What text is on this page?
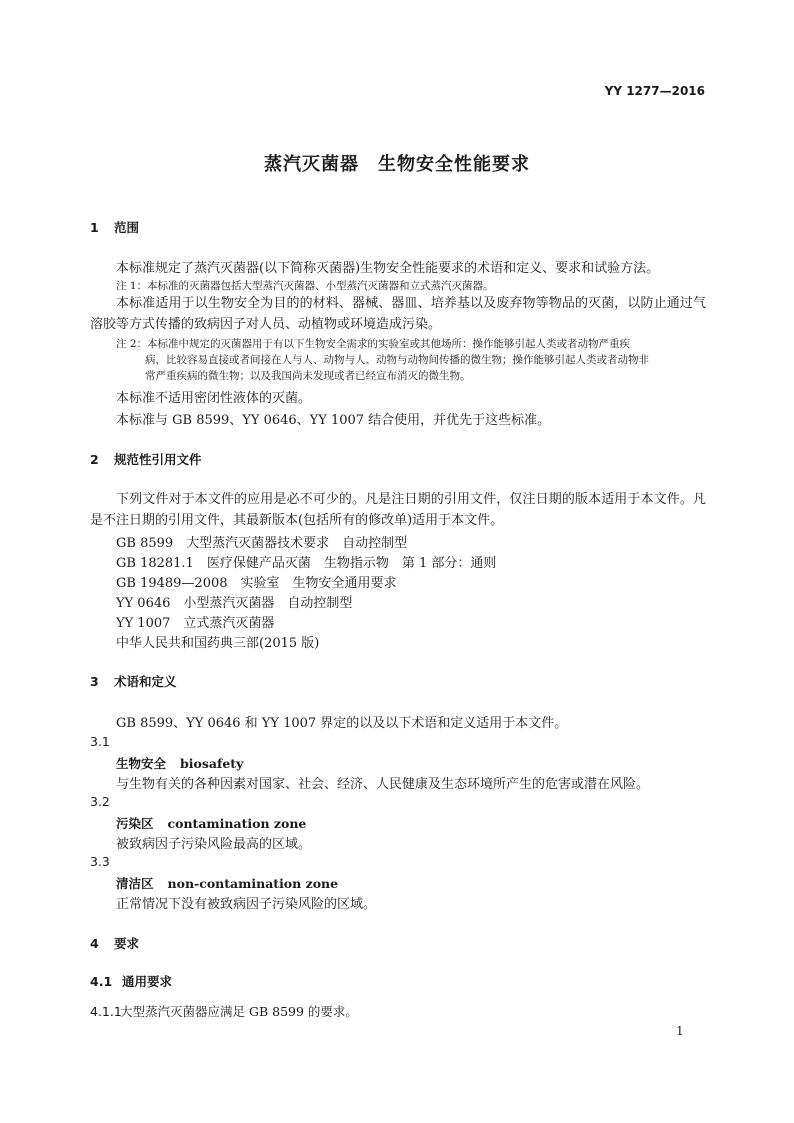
YY 1277—2016
蒸汽灭菌器　生物安全性能要求
1 范围
本标准规定了蒸汽灭菌器(以下简称灭菌器)生物安全性能要求的术语和定义、要求和试验方法。
注 1：本标准的灭菌器包括大型蒸汽灭菌器、小型蒸汽灭菌器和立式蒸汽灭菌器。
本标准适用于以生物安全为目的的材料、器械、器皿、培养基以及废弃物等物品的灭菌，以防止通过气溶胶等方式传播的致病因子对人员、动植物或环境造成污染。
注 2：本标准中规定的灭菌器用于有以下生物安全需求的实验室或其他场所：操作能够引起人类或者动物严重疾
病，比较容易直接或者间接在人与人、动物与人、动物与动物间传播的微生物；操作能够引起人类或者动物非
常严重疾病的微生物；以及我国尚未发现或者已经宣布消灭的微生物。
本标准不适用密闭性液体的灭菌。
本标准与 GB 8599、YY 0646、YY 1007 结合使用，并优先于这些标准。
2 规范性引用文件
下列文件对于本文件的应用是必不可少的。凡是注日期的引用文件，仅注日期的版本适用于本文件。凡是不注日期的引用文件，其最新版本(包括所有的修改单)适用于本文件。
GB 8599　大型蒸汽灭菌器技术要求　自动控制型
GB 18281.1　医疗保健产品灭菌　生物指示物　第 1 部分：通则
GB 19489—2008　实验室　生物安全通用要求
YY 0646　小型蒸汽灭菌器　自动控制型
YY 1007　立式蒸汽灭菌器
中华人民共和国药典三部(2015 版)
3 术语和定义
GB 8599、YY 0646 和 YY 1007 界定的以及以下术语和定义适用于本文件。
3.1
生物安全 biosafety
与生物有关的各种因素对国家、社会、经济、人民健康及生态环境所产生的危害或潜在风险。
3.2
污染区 contamination zone
被致病因子污染风险最高的区域。
3.3
清洁区 non-contamination zone
正常情况下没有被致病因子污染风险的区域。
4 要求
4.1 通用要求
4.1.1大型蒸汽灭菌器应满足 GB 8599 的要求。
1
